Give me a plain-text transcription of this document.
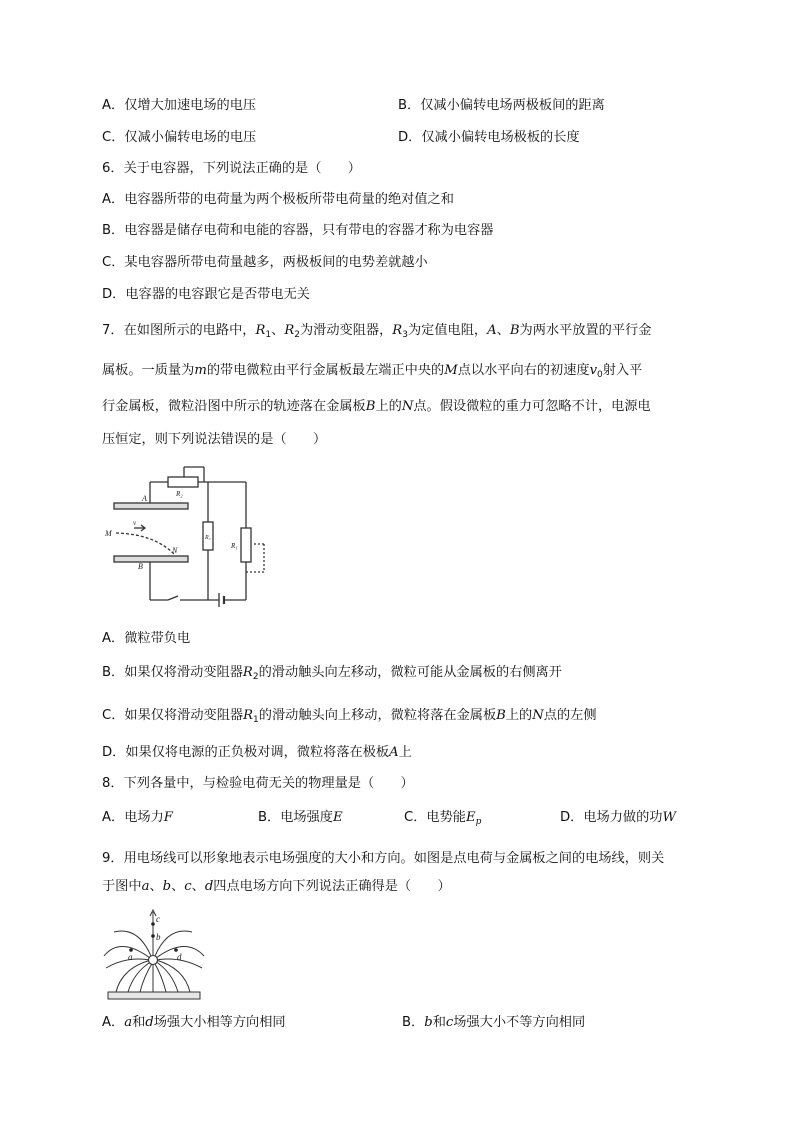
A．仅增大加速电场的电压	B．仅减小偏转电场两极板间的距离
C．仅减小偏转电场的电压	D．仅减小偏转电场极板的长度
6．关于电容器，下列说法正确的是（　　）
A．电容器所带的电荷量为两个极板所带电荷量的绝对值之和
B．电容器是储存电荷和电能的容器，只有带电的容器才称为电容器
C．某电容器所带电荷量越多，两极板间的电势差就越小
D．电容器的电容跟它是否带电无关
7．在如图所示的电路中，$R_1$、$R_2$为滑动变阻器，$R_3$为定值电阻，A、B为两水平放置的平行金
属板。一质量为m的带电微粒由平行金属板最左端正中央的M点以水平向右的初速度$v_0$射入平
行金属板，微粒沿图中所示的轨迹落在金属板B上的N点。假设微粒的重力可忽略不计，电源电
压恒定，则下列说法错误的是（　　）
A
B
M
N
v
R₂
R₃
R₁
A．微粒带负电
B．如果仅将滑动变阻器$R_2$的滑动触头向左移动，微粒可能从金属板的右侧离开
C．如果仅将滑动变阻器$R_1$的滑动触头向上移动，微粒将落在金属板B上的N点的左侧
D．如果仅将电源的正负极对调，微粒将落在极板A上
8．下列各量中，与检验电荷无关的物理量是（　　）
A．电场力F	B．电场强度E	C．电势能$E_p$	D．电场力做的功W
9．用电场线可以形象地表示电场强度的大小和方向。如图是点电荷与金属板之间的电场线，则关
于图中a、b、c、d四点电场方向下列说法正确得是（　　）
a
b
c
d
A．a和d场强大小相等方向相同	B．b和c场强大小不等方向相同
